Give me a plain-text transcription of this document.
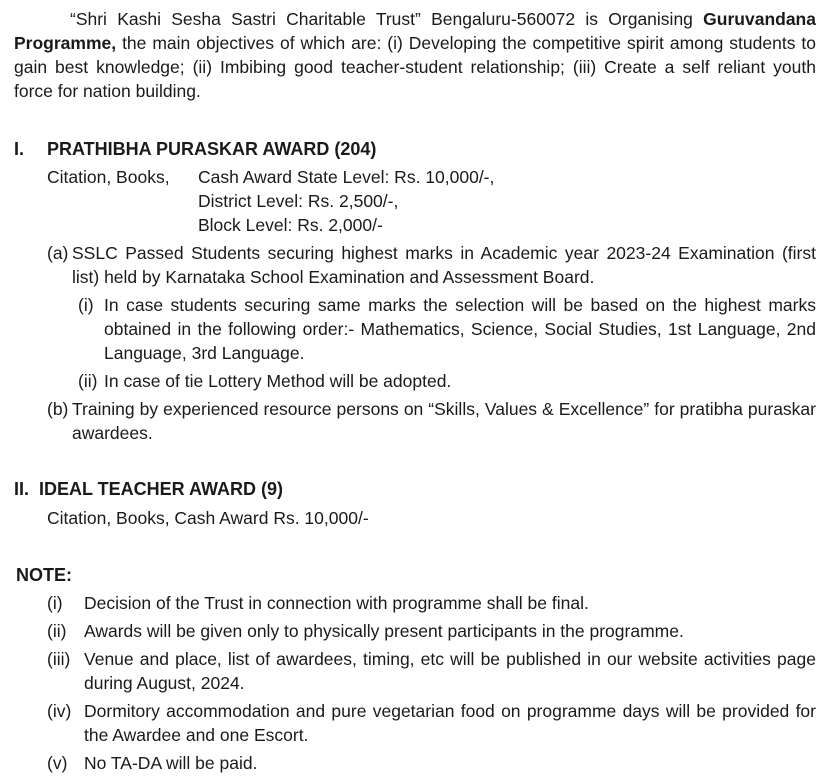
“Shri Kashi Sesha Sastri Charitable Trust” Bengaluru-560072 is Organising Guruvandana Programme, the main objectives of which are: (i) Developing the competitive spirit among students to gain best knowledge; (ii) Imbibing good teacher-student relationship; (iii) Create a self reliant youth force for nation building.
I. PRATHIBHA PURASKAR AWARD (204)
Citation, Books, Cash Award State Level: Rs. 10,000/-,
District Level: Rs. 2,500/-,
Block Level: Rs. 2,000/-
(a) SSLC Passed Students securing highest marks in Academic year 2023-24 Examination (first list) held by Karnataka School Examination and Assessment Board.
(i) In case students securing same marks the selection will be based on the highest marks obtained in the following order:- Mathematics, Science, Social Studies, 1st Language, 2nd Language, 3rd Language.
(ii) In case of tie Lottery Method will be adopted.
(b) Training by experienced resource persons on “Skills, Values & Excellence” for pratibha puraskar awardees.
II. IDEAL TEACHER AWARD (9)
Citation, Books, Cash Award Rs. 10,000/-
NOTE:
(i) Decision of the Trust in connection with programme shall be final.
(ii) Awards will be given only to physically present participants in the programme.
(iii) Venue and place, list of awardees, timing, etc will be published in our website activities page during August, 2024.
(iv) Dormitory accommodation and pure vegetarian food on programme days will be provided for the Awardee and one Escort.
(v) No TA-DA will be paid.
